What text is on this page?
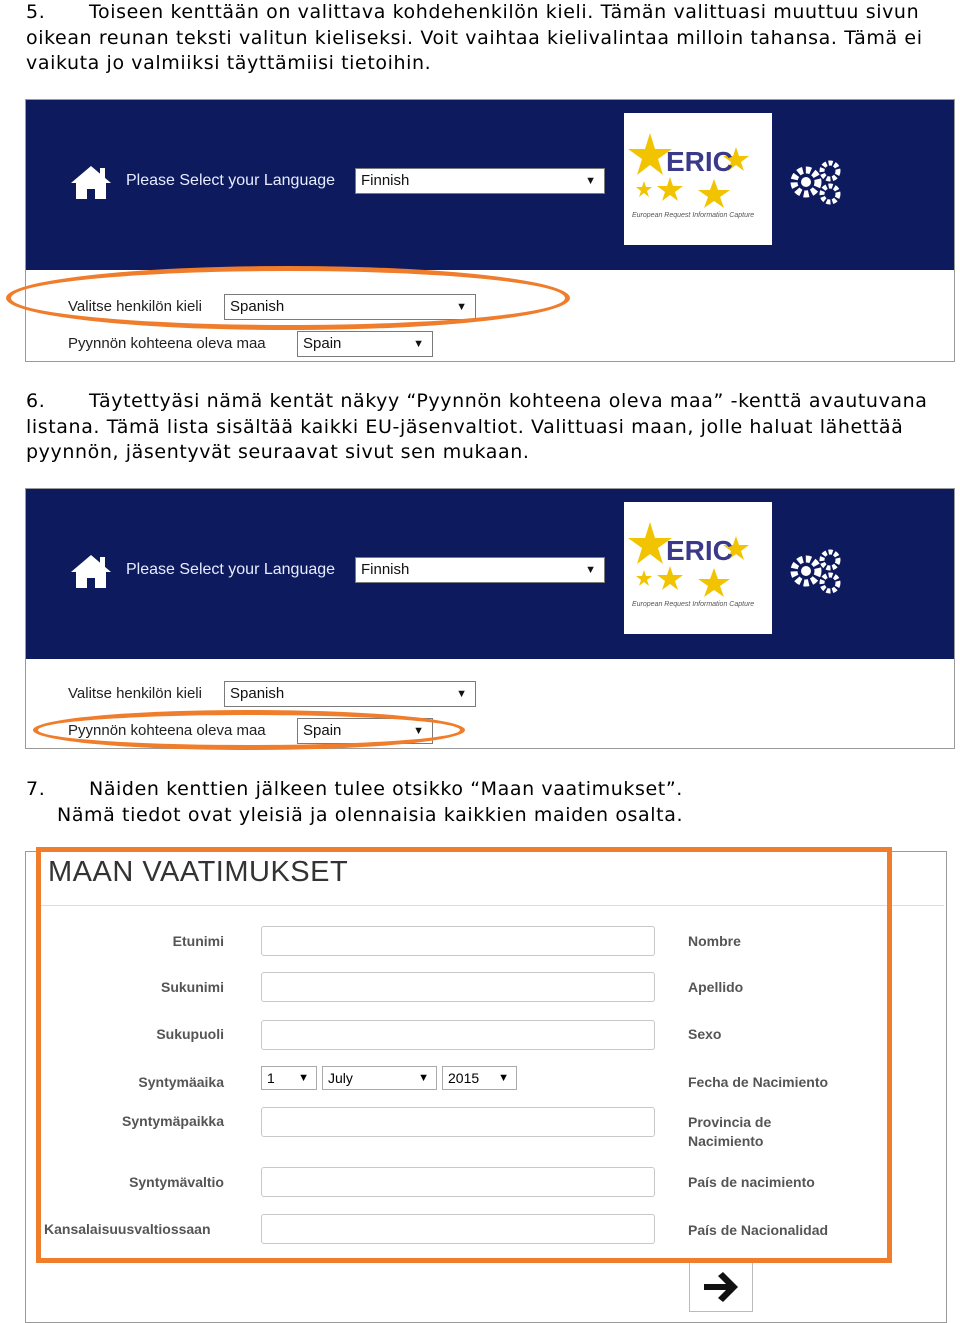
5. Toiseen kenttään on valittava kohdehenkilön kieli. Tämän valittuasi muuttuu sivun oikean reunan teksti valitun kieliseksi. Voit vaihtaa kielivalintaa milloin tahansa. Tämä ei vaikuta jo valmiiksi täyttämiisi tietoihin.
Please Select your Language	Finnish	▼
ERIC
European Request Information Capture
Valitse henkilön kieli	Spanish	▼
Pyynnön kohteena oleva maa	Spain	▼
6. Täytettyäsi nämä kentät näkyy “Pyynnön kohteena oleva maa” -kenttä avautuvana listana. Tämä lista sisältää kaikki EU-jäsenvaltiot. Valittuasi maan, jolle haluat lähettää pyynnön, jäsentyvät seuraavat sivut sen mukaan.
Please Select your Language	Finnish	▼
ERIC
European Request Information Capture
Valitse henkilön kieli	Spanish	▼
Pyynnön kohteena oleva maa	Spain	▼
7. Näiden kenttien jälkeen tulee otsikko “Maan vaatimukset”.
Nämä tiedot ovat yleisiä ja olennaisia kaikkien maiden osalta.
MAAN VAATIMUKSET
Etunimi	Nombre
Sukunimi	Apellido
Sukupuoli	Sexo
Syntymäaika	1 ▼	July	▼	2015 ▼	Fecha de Nacimiento
Syntymäpaikka	Provincia de Nacimiento
Syntymävaltio	País de nacimiento
Kansalaisuusvaltiossaan	País de Nacionalidad
